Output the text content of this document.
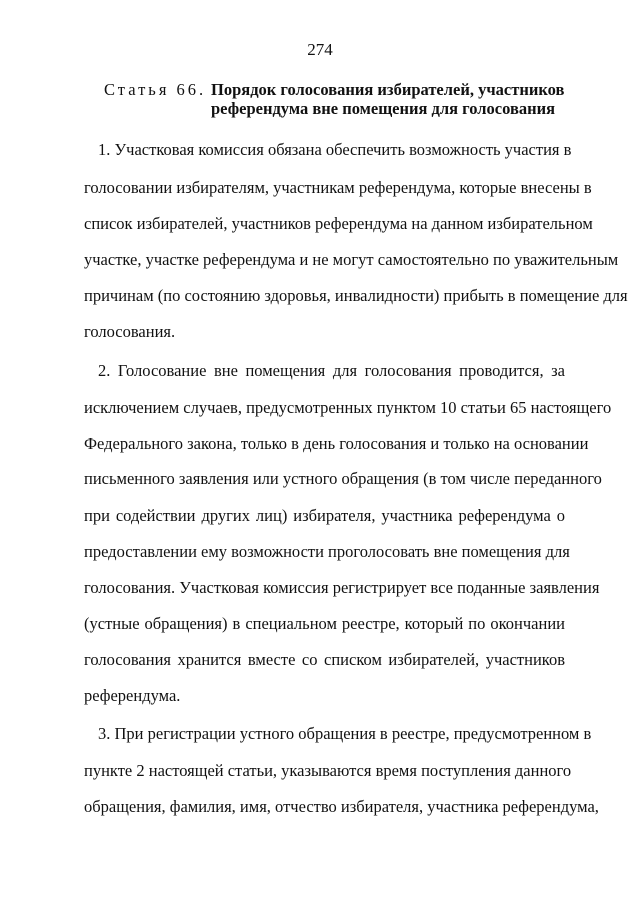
274
Статья 66. Порядок голосования избирателей, участников
референдума вне помещения для голосования
1. Участковая комиссия обязана обеспечить возможность участия в
голосовании избирателям, участникам референдума, которые внесены в
список избирателей, участников референдума на данном избирательном
участке, участке референдума и не могут самостоятельно по уважительным
причинам (по состоянию здоровья, инвалидности) прибыть в помещение для
голосования.
2. Голосование вне помещения для голосования проводится, за
исключением случаев, предусмотренных пунктом 10 статьи 65 настоящего
Федерального закона, только в день голосования и только на основании
письменного заявления или устного обращения (в том числе переданного
при содействии других лиц) избирателя, участника референдума о
предоставлении ему возможности проголосовать вне помещения для
голосования. Участковая комиссия регистрирует все поданные заявления
(устные обращения) в специальном реестре, который по окончании
голосования хранится вместе со списком избирателей, участников
референдума.
3. При регистрации устного обращения в реестре, предусмотренном в
пункте 2 настоящей статьи, указываются время поступления данного
обращения, фамилия, имя, отчество избирателя, участника референдума,
